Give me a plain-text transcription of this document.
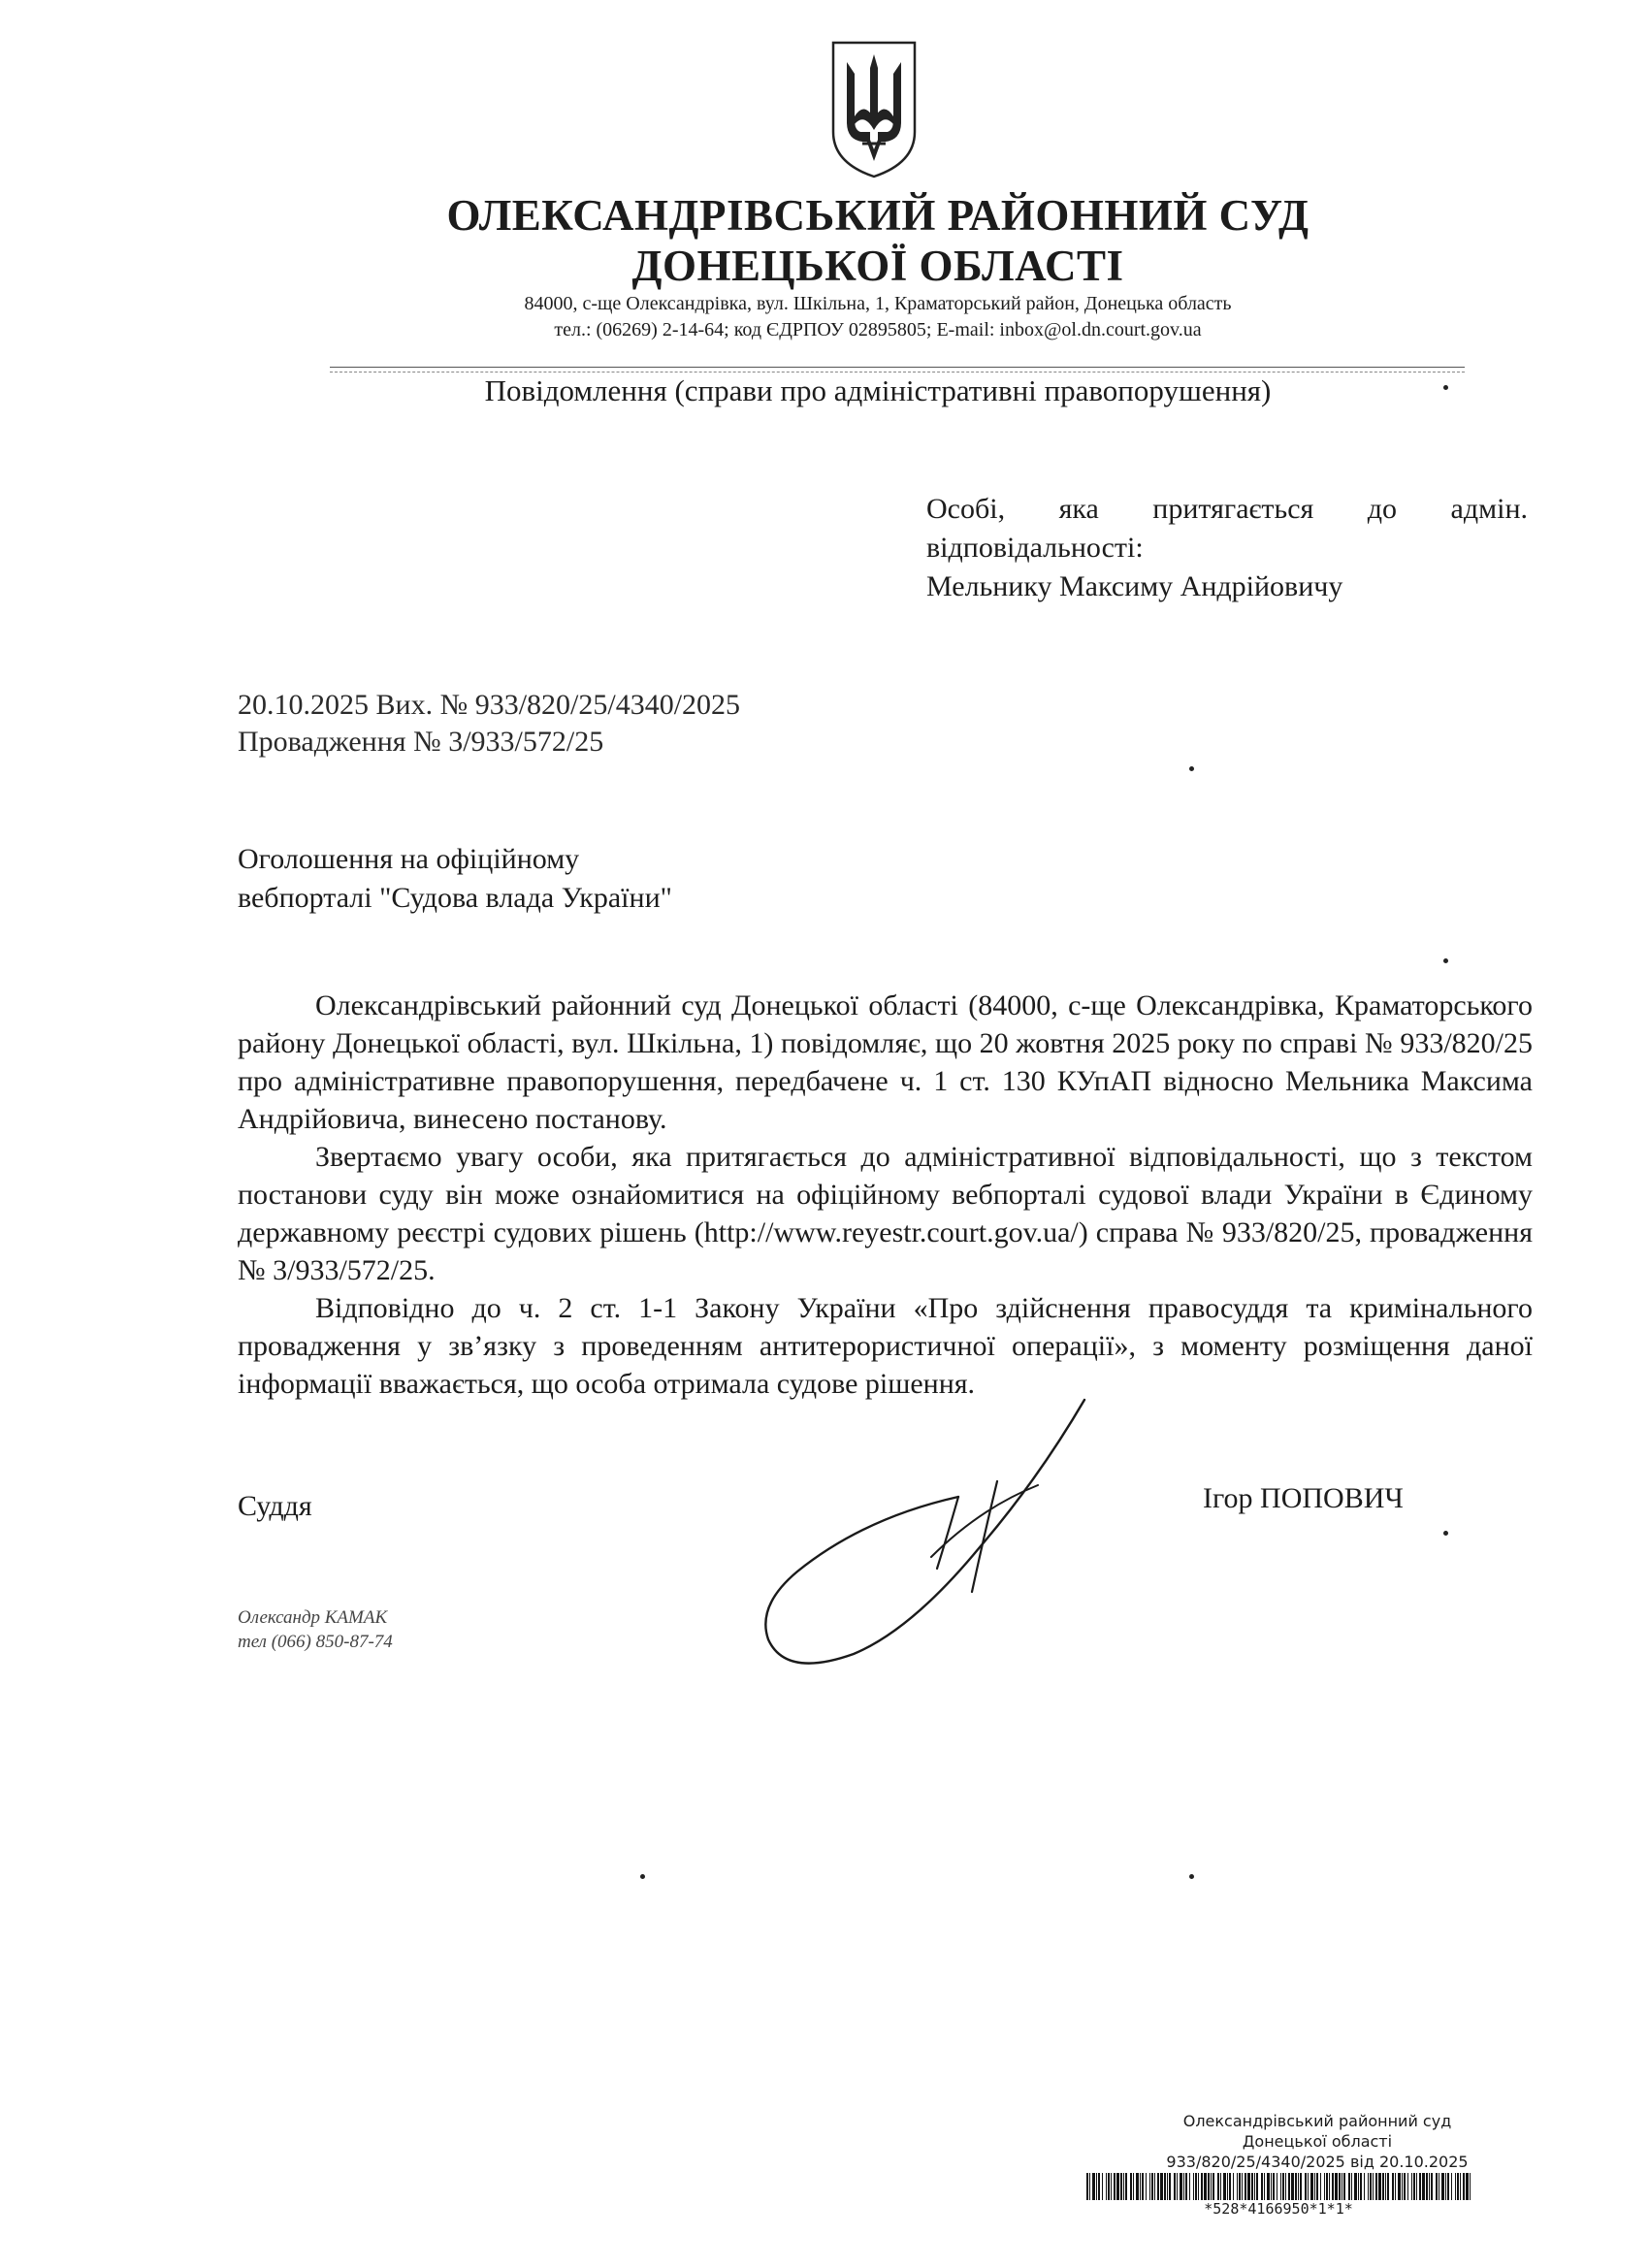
ОЛЕКСАНДРІВСЬКИЙ РАЙОННИЙ СУД
ДОНЕЦЬКОЇ ОБЛАСТІ
84000, с-ще Олександрівка, вул. Шкільна, 1, Краматорський район, Донецька область
тел.: (06269) 2-14-64; код ЄДРПОУ 02895805; E-mail: inbox@ol.dn.court.gov.ua
Повідомлення (справи про адміністративні правопорушення)
Особі, яка притягається до адмін.
відповідальності:
Мельнику Максиму Андрійовичу
20.10.2025 Вих. № 933/820/25/4340/2025
Провадження № 3/933/572/25
Оголошення на офіційному
вебпорталі "Судова влада України"

Олександрівський районний суд Донецької області (84000, с-ще Олександрівка, Краматорського району Донецької області, вул. Шкільна, 1) повідомляє, що 20 жовтня 2025 року по справі № 933/820/25 про адміністративне правопорушення, передбачене ч. 1 ст. 130 КУпАП відносно Мельника Максима Андрійовича, винесено постанову.

Звертаємо увагу особи, яка притягається до адміністративної відповідальності, що з текстом постанови суду він може ознайомитися на офіційному вебпорталі судової влади України в Єдиному державному реєстрі судових рішень (http://www.reyestr.court.gov.ua/) справа № 933/820/25, провадження № 3/933/572/25.

Відповідно до ч. 2 ст. 1-1 Закону України «Про здійснення правосуддя та кримінального провадження у зв’язку з проведенням антитерористичної операції», з моменту розміщення даної інформації вважається, що особа отримала судове рішення.

Суддя	Ігор ПОПОВИЧ
Олександр КАМАК
тел (066) 850-87-74
Олександрівський районний суд
Донецької області
933/820/25/4340/2025 від 20.10.2025
*528*4166950*1*1*
